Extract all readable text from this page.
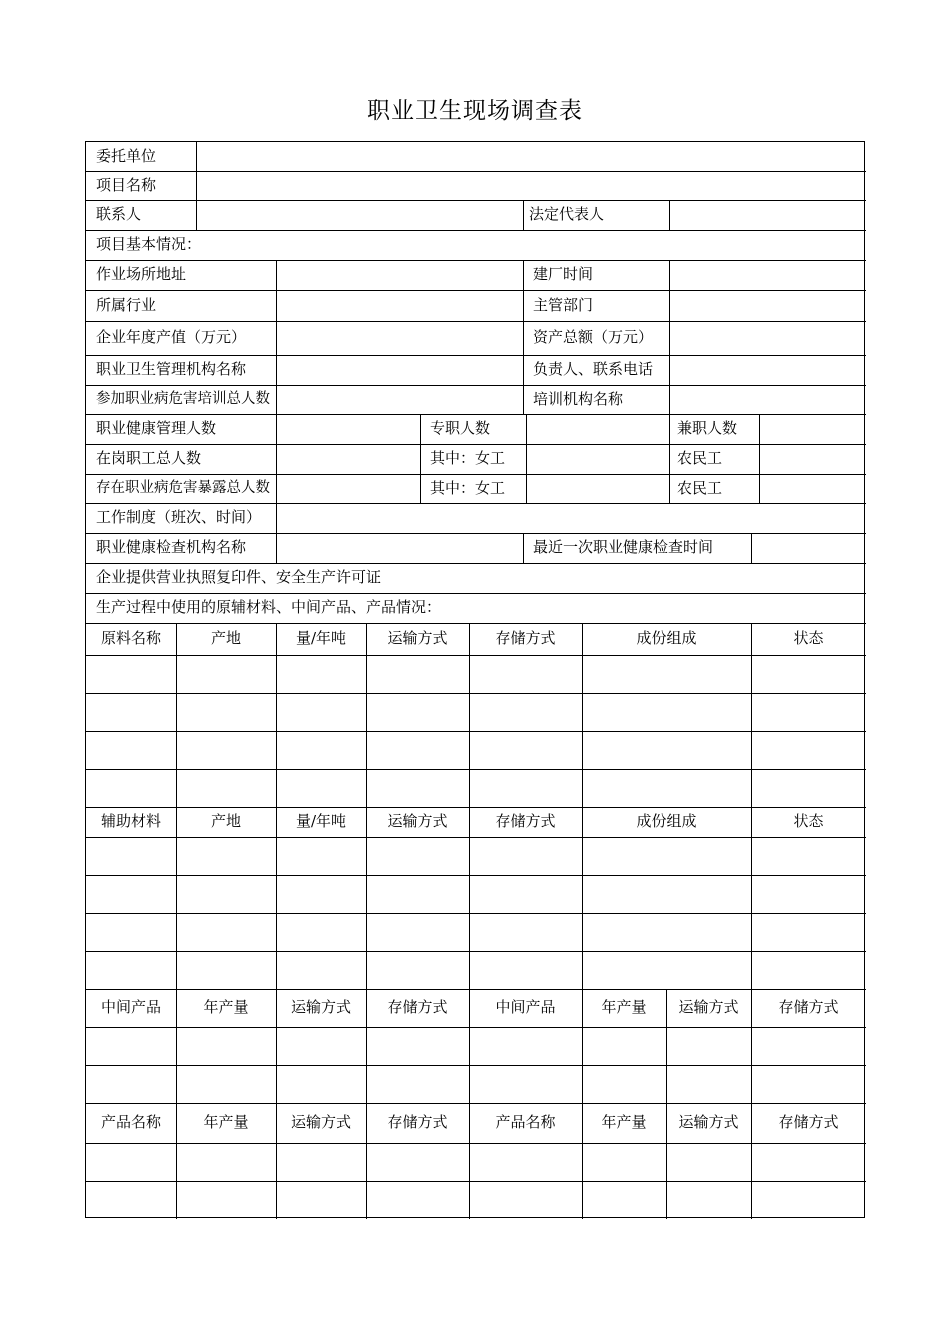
职业卫生现场调查表
委托单位
项目名称
联系人	法定代表人
项目基本情况：
作业场所地址	建厂时间
所属行业	主管部门
企业年度产值（万元）	资产总额（万元）
职业卫生管理机构名称	负责人、联系电话
参加职业病危害培训总人数	培训机构名称
职业健康管理人数	专职人数	兼职人数
在岗职工总人数	其中：女工	农民工
存在职业病危害暴露总人数	其中：女工	农民工
工作制度（班次、时间）
职业健康检查机构名称	最近一次职业健康检查时间
企业提供营业执照复印件、安全生产许可证
生产过程中使用的原辅材料、中间产品、产品情况：
原料名称	产地	量/年吨	运输方式	存储方式	成份组成	状态
辅助材料	产地	量/年吨	运输方式	存储方式	成份组成	状态
中间产品	年产量	运输方式	存储方式	中间产品	年产量	运输方式	存储方式
产品名称	年产量	运输方式	存储方式	产品名称	年产量	运输方式	存储方式
